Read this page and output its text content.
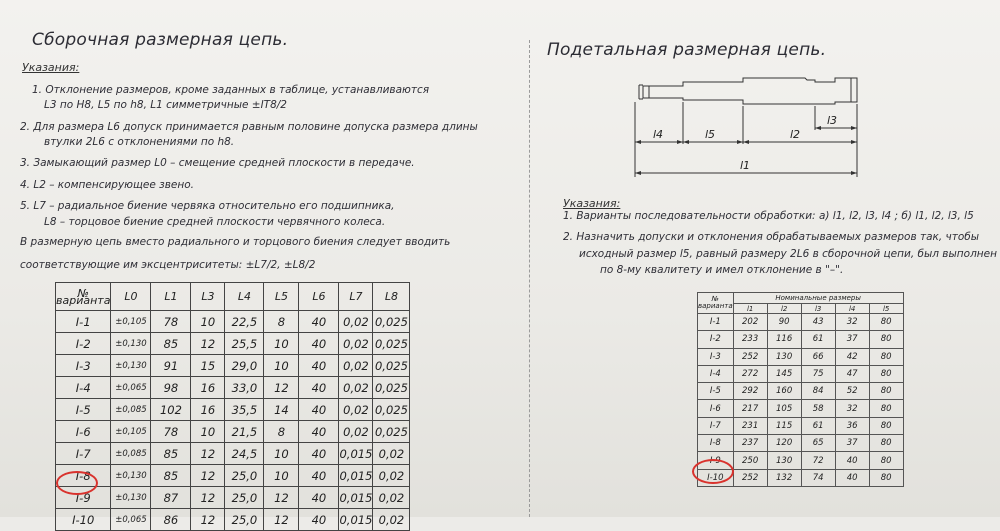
Сборочная размерная цепь.
Указания:
1. Отклонение размеров, кроме заданных в таблице, устанавливаются
L3 по Н8, L5 по h8, L1 симметричные ±IT8/2
2. Для размера L6 допуск принимается равным половине допуска размера длины
втулки 2L6 с отклонениями по h8.
3. Замыкающий размер L0 – смещение средней плоскости в передаче.
4. L2 – компенсирующее звено.
5. L7 – радиальное биение червяка относительно его подшипника,
L8 – торцовое биение средней плоскости червячного колеса.
В размерную цепь вместо радиального и торцового биения следует вводить
соответствующие им эксцентриситеты: ±L7/2, ±L8/2
№ варианта	L0	L1	L3	L4	L5	L6	L7	L8
I-1	±0,105	78	10	22,5	8	40	0,02	0,025
I-2	±0,130	85	12	25,5	10	40	0,02	0,025
I-3	±0,130	91	15	29,0	10	40	0,02	0,025
I-4	±0,065	98	16	33,0	12	40	0,02	0,025
I-5	±0,085	102	16	35,5	14	40	0,02	0,025
I-6	±0,105	78	10	21,5	8	40	0,02	0,025
I-7	±0,085	85	12	24,5	10	40	0,015	0,02
I-8	±0,130	85	12	25,0	10	40	0,015	0,02
I-9	±0,130	87	12	25,0	12	40	0,015	0,02
I-10	±0,065	86	12	25,0	12	40	0,015	0,02
Подетальная размерная цепь.
l4	l5	l2
l3
l1
Указания:
1. Варианты последовательности обработки: а) l1, l2, l3, l4 ; б) l1, l2, l3, l5
2. Назначить допуски и отклонения обрабатываемых размеров так, чтобы
исходный размер l5, равный размеру 2L6 в сборочной цепи, был выполнен
по 8-му квалитету и имел отклонение в "–".
№ варианта	Номинальные размеры				
	l1	l2	l3	l4	l5
I-1	202	90	43	32	80
I-2	233	116	61	37	80
I-3	252	130	66	42	80
I-4	272	145	75	47	80
I-5	292	160	84	52	80
I-6	217	105	58	32	80
I-7	231	115	61	36	80
I-8	237	120	65	37	80
I-9	250	130	72	40	80
I-10	252	132	74	40	80
